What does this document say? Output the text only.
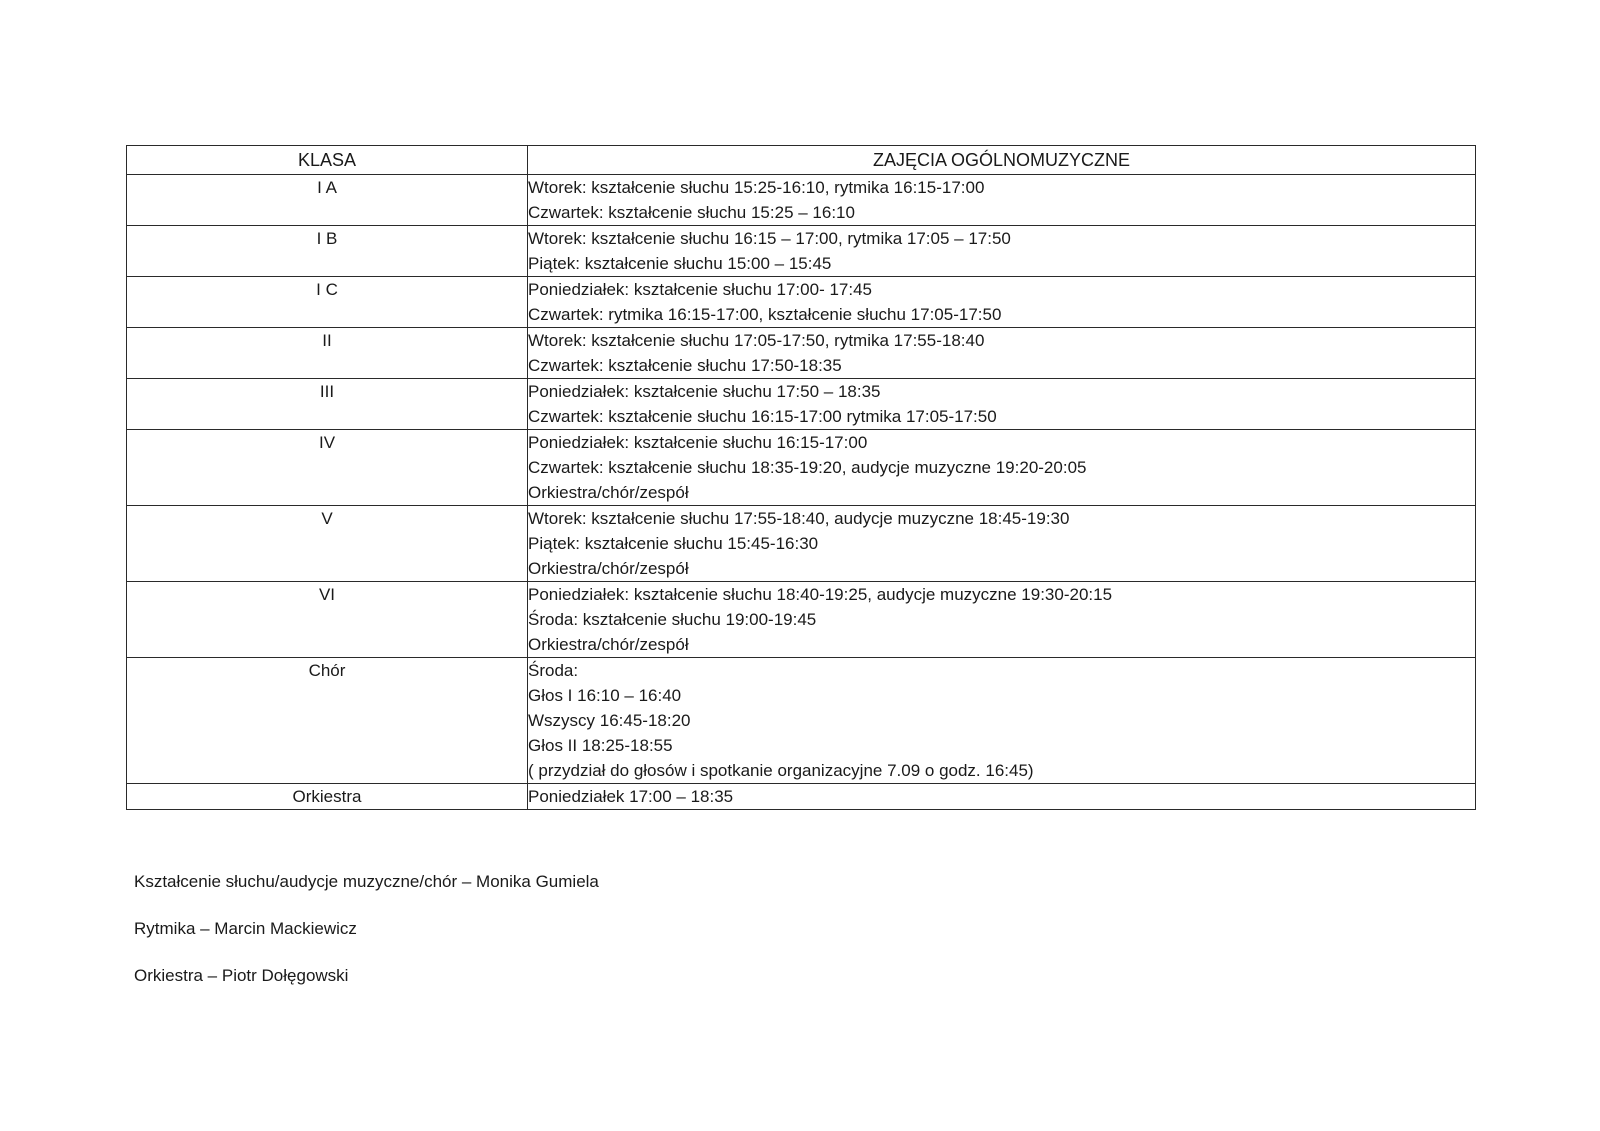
KLASA	ZAJĘCIA OGÓLNOMUZYCZNE
I A	Wtorek: kształcenie słuchu 15:25-16:10, rytmika 16:15-17:00
Czwartek: kształcenie słuchu 15:25 – 16:10

I B	Wtorek: kształcenie słuchu 16:15 – 17:00, rytmika 17:05 – 17:50
Piątek: kształcenie słuchu 15:00 – 15:45

I C	Poniedziałek: kształcenie słuchu 17:00- 17:45
Czwartek: rytmika 16:15-17:00, kształcenie słuchu 17:05-17:50

II	Wtorek: kształcenie słuchu 17:05-17:50, rytmika 17:55-18:40
Czwartek: kształcenie słuchu 17:50-18:35

III	Poniedziałek: kształcenie słuchu 17:50 – 18:35
Czwartek: kształcenie słuchu 16:15-17:00 rytmika 17:05-17:50

IV	Poniedziałek: kształcenie słuchu 16:15-17:00
Czwartek: kształcenie słuchu 18:35-19:20, audycje muzyczne 19:20-20:05
Orkiestra/chór/zespół

V	Wtorek: kształcenie słuchu 17:55-18:40, audycje muzyczne 18:45-19:30
Piątek: kształcenie słuchu 15:45-16:30
Orkiestra/chór/zespół

VI	Poniedziałek: kształcenie słuchu 18:40-19:25, audycje muzyczne 19:30-20:15
Środa: kształcenie słuchu 19:00-19:45
Orkiestra/chór/zespół

Chór	Środa:
Głos I 16:10 – 16:40
Wszyscy 16:45-18:20
Głos II 18:25-18:55
( przydział do głosów i spotkanie organizacyjne 7.09 o godz. 16:45)

Orkiestra	Poniedziałek 17:00 – 18:35
Kształcenie słuchu/audycje muzyczne/chór – Monika Gumiela
Rytmika – Marcin Mackiewicz
Orkiestra – Piotr Dołęgowski
